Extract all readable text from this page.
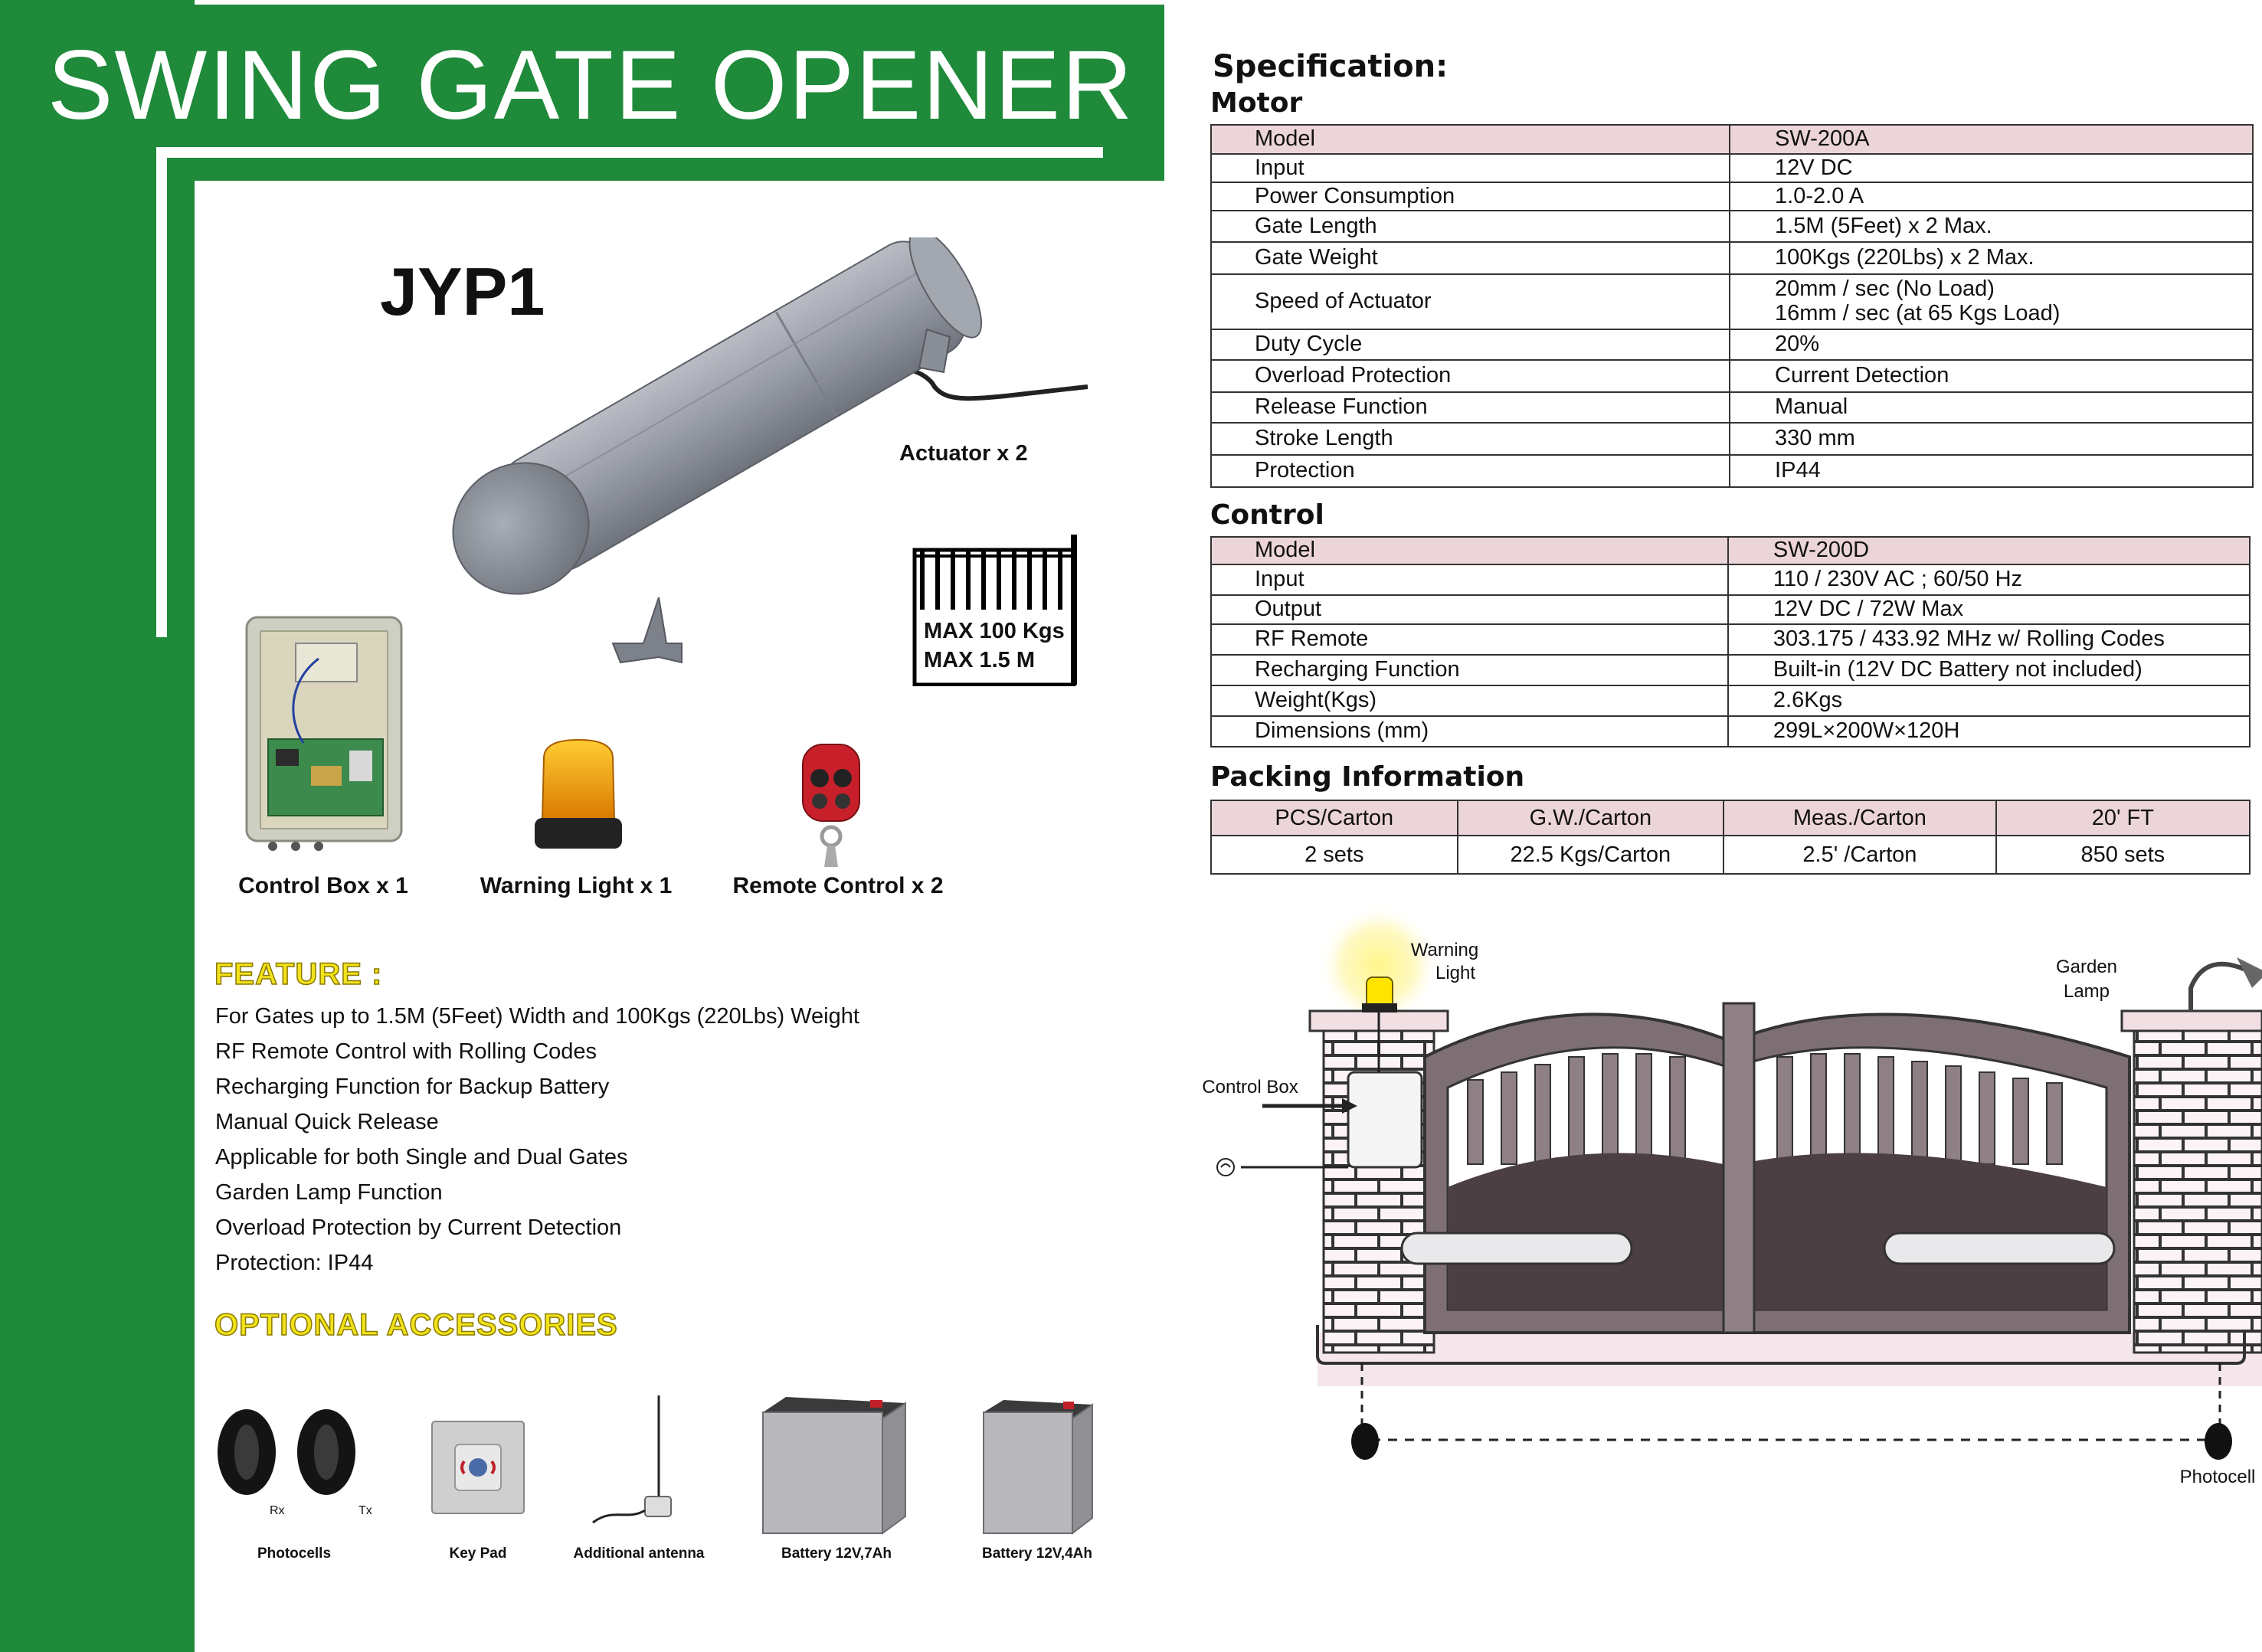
SWING GATE OPENER
JYP1
Actuator x 2
MAX 100 Kgs
MAX 1.5 M
Control Box x 1	Warning Light x 1	Remote Control x 2
FEATURE :
For Gates up to 1.5M (5Feet) Width and 100Kgs (220Lbs) Weight
RF Remote Control with Rolling Codes
Recharging Function for Backup Battery
Manual Quick Release
Applicable for both Single and Dual Gates
Garden Lamp Function
Overload Protection by Current Detection
Protection: IP44
OPTIONAL ACCESSORIES
Rx	Tx
Photocells	Key Pad	Additional antenna	Battery 12V,7Ah	Battery 12V,4Ah
Specification:
Motor
Model	SW-200A
Input	12V DC
Power Consumption	1.0-2.0 A
Gate Length	1.5M (5Feet) x 2 Max.
Gate Weight	100Kgs (220Lbs) x 2 Max.
Speed of Actuator	20mm / sec (No Load)
16mm / sec (at 65 Kgs Load)

Duty Cycle	20%
Overload Protection	Current Detection
Release Function	Manual
Stroke Length	330 mm
Protection	IP44
Control
Model	SW-200D
Input	110 / 230V AC ; 60/50 Hz
Output	12V DC / 72W Max
RF Remote	303.175 / 433.92 MHz w/ Rolling Codes
Recharging Function	Built-in (12V DC Battery not included)
Weight(Kgs)	2.6Kgs
Dimensions (mm)	299L×200W×120H
Packing Information
PCS/Carton	G.W./Carton	Meas./Carton	20' FT
2 sets	22.5 Kgs/Carton	2.5' /Carton	850 sets
Warning
Light	Garden
Lamp
Control Box
Photocell
